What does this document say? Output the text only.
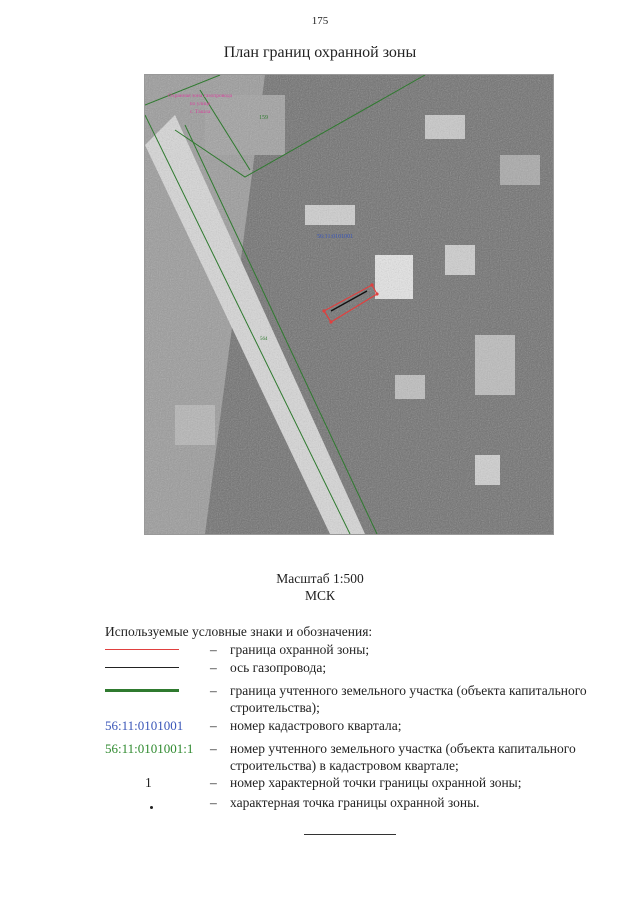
175
План границ охранной зоны
159
56:11:0101001
564
Охранная зона газопровода
по улице
с. Ташла
Масштаб 1:500
МСК
Используемые условные знаки и обозначения:
– граница охранной зоны;
– ось газопровода;
– граница учтенного земельного участка (объекта капитального строительства);
56:11:0101001	– номер кадастрового квартала;
56:11:0101001:1 – номер учтенного земельного участка (объекта капитального строительства) в кадастровом квартале;
1	– номер характерной точки границы охранной зоны;
– характерная точка границы охранной зоны.
